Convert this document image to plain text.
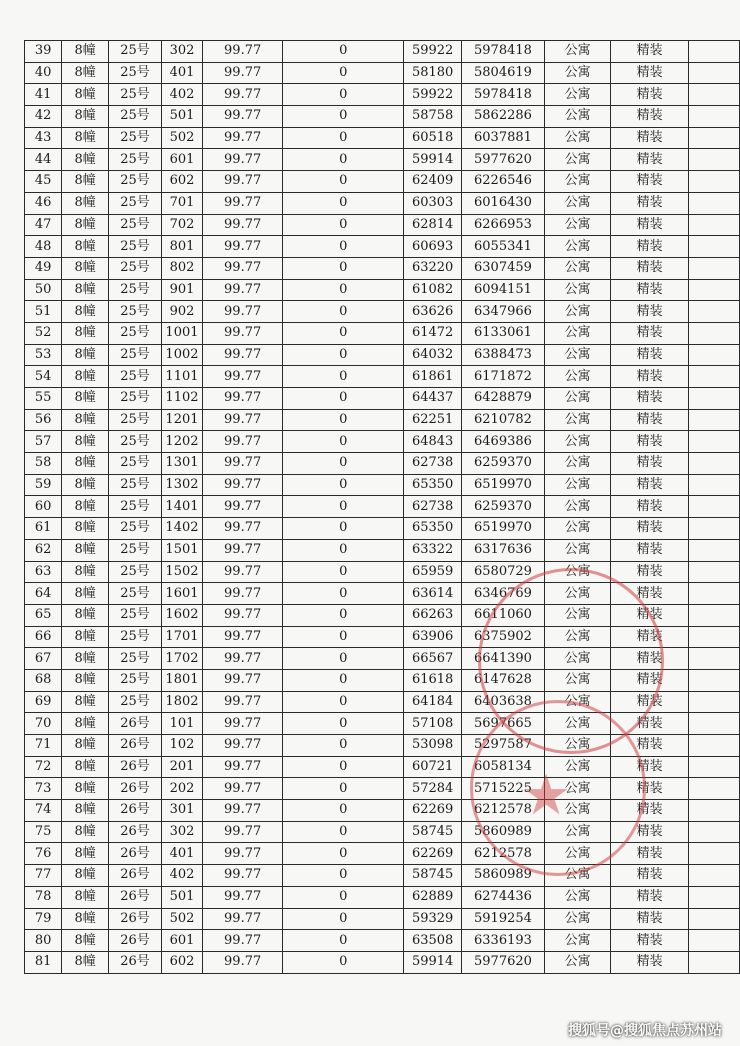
39	8幢	25号	302	99.77	0	59922	5978418	公寓	精装	
40	8幢	25号	401	99.77	0	58180	5804619	公寓	精装	
41	8幢	25号	402	99.77	0	59922	5978418	公寓	精装	
42	8幢	25号	501	99.77	0	58758	5862286	公寓	精装	
43	8幢	25号	502	99.77	0	60518	6037881	公寓	精装	
44	8幢	25号	601	99.77	0	59914	5977620	公寓	精装	
45	8幢	25号	602	99.77	0	62409	6226546	公寓	精装	
46	8幢	25号	701	99.77	0	60303	6016430	公寓	精装	
47	8幢	25号	702	99.77	0	62814	6266953	公寓	精装	
48	8幢	25号	801	99.77	0	60693	6055341	公寓	精装	
49	8幢	25号	802	99.77	0	63220	6307459	公寓	精装	
50	8幢	25号	901	99.77	0	61082	6094151	公寓	精装	
51	8幢	25号	902	99.77	0	63626	6347966	公寓	精装	
52	8幢	25号	1001	99.77	0	61472	6133061	公寓	精装	
53	8幢	25号	1002	99.77	0	64032	6388473	公寓	精装	
54	8幢	25号	1101	99.77	0	61861	6171872	公寓	精装	
55	8幢	25号	1102	99.77	0	64437	6428879	公寓	精装	
56	8幢	25号	1201	99.77	0	62251	6210782	公寓	精装	
57	8幢	25号	1202	99.77	0	64843	6469386	公寓	精装	
58	8幢	25号	1301	99.77	0	62738	6259370	公寓	精装	
59	8幢	25号	1302	99.77	0	65350	6519970	公寓	精装	
60	8幢	25号	1401	99.77	0	62738	6259370	公寓	精装	
61	8幢	25号	1402	99.77	0	65350	6519970	公寓	精装	
62	8幢	25号	1501	99.77	0	63322	6317636	公寓	精装	
63	8幢	25号	1502	99.77	0	65959	6580729	公寓	精装	
64	8幢	25号	1601	99.77	0	63614	6346769	公寓	精装	
65	8幢	25号	1602	99.77	0	66263	6611060	公寓	精装	
66	8幢	25号	1701	99.77	0	63906	6375902	公寓	精装	
67	8幢	25号	1702	99.77	0	66567	6641390	公寓	精装	
68	8幢	25号	1801	99.77	0	61618	6147628	公寓	精装	
69	8幢	25号	1802	99.77	0	64184	6403638	公寓	精装	
70	8幢	26号	101	99.77	0	57108	5697665	公寓	精装	
71	8幢	26号	102	99.77	0	53098	5297587	公寓	精装	
72	8幢	26号	201	99.77	0	60721	6058134	公寓	精装	
73	8幢	26号	202	99.77	0	57284	5715225	公寓	精装	
74	8幢	26号	301	99.77	0	62269	6212578	公寓	精装	
75	8幢	26号	302	99.77	0	58745	5860989	公寓	精装	
76	8幢	26号	401	99.77	0	62269	6212578	公寓	精装	
77	8幢	26号	402	99.77	0	58745	5860989	公寓	精装	
78	8幢	26号	501	99.77	0	62889	6274436	公寓	精装	
79	8幢	26号	502	99.77	0	59329	5919254	公寓	精装	
80	8幢	26号	601	99.77	0	63508	6336193	公寓	精装	
81	8幢	26号	602	99.77	0	59914	5977620	公寓	精装	
★
搜狐号@搜狐焦点苏州站
